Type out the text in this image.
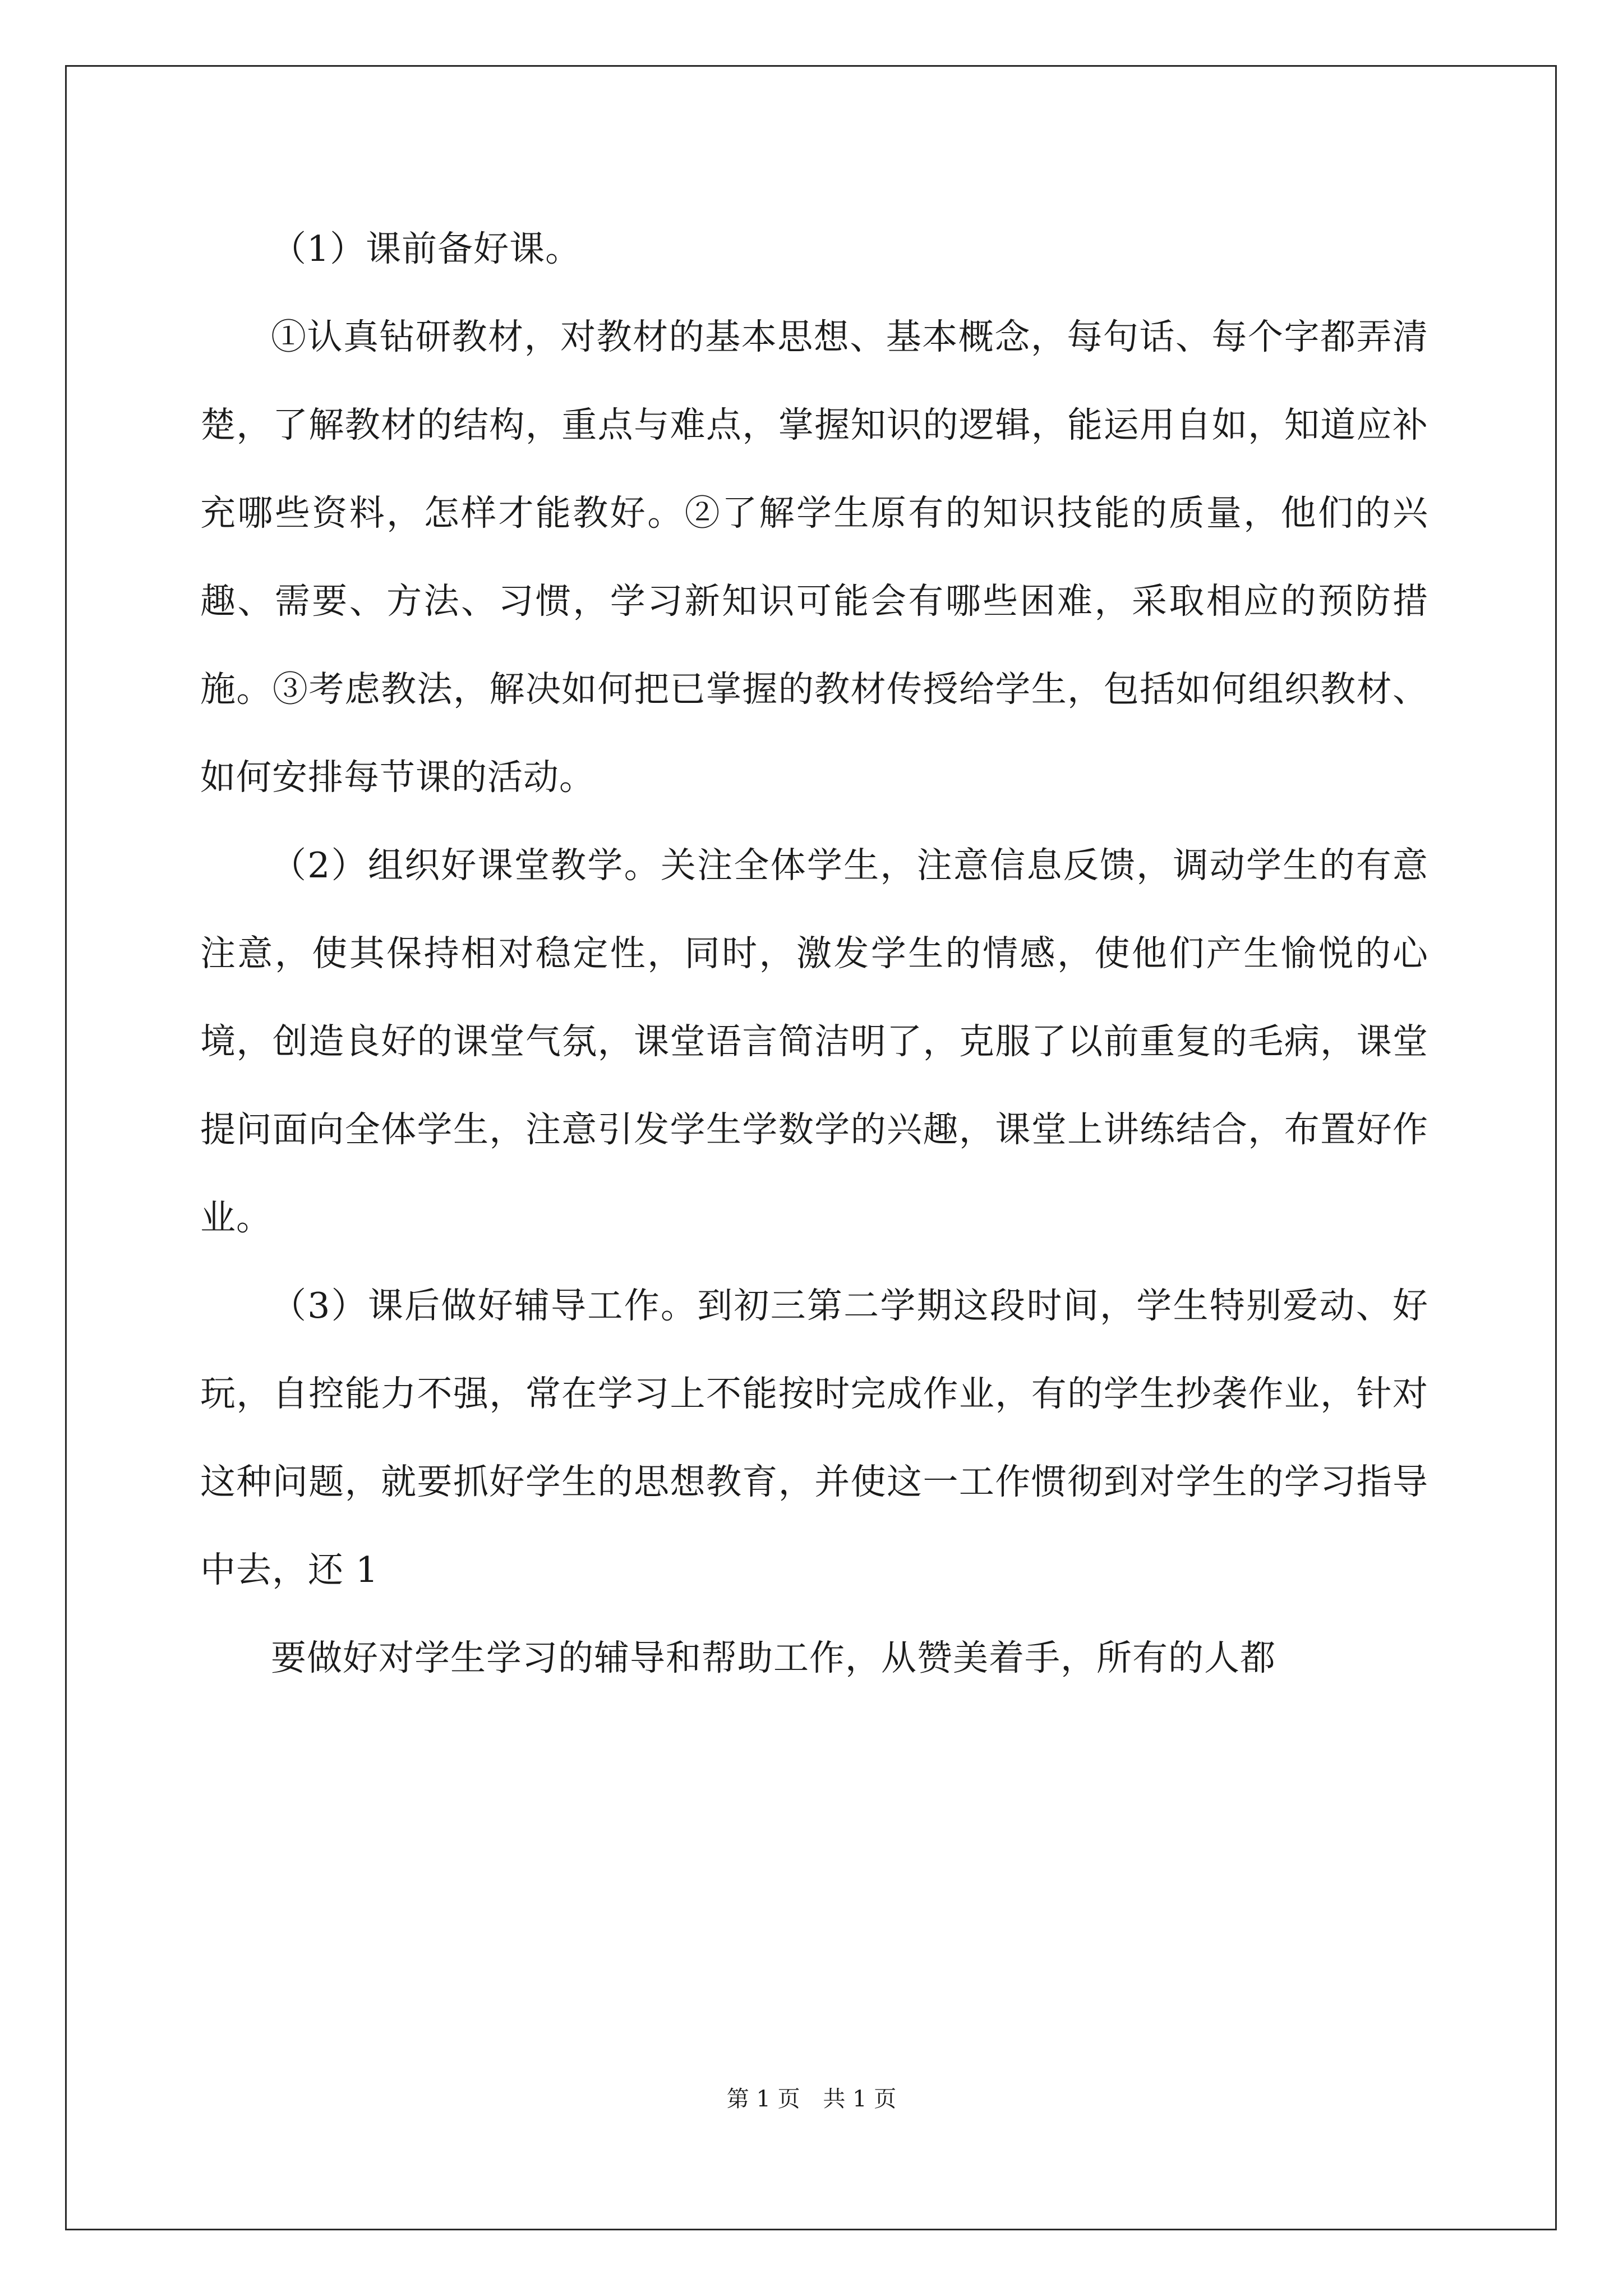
（1）课前备好课。

①认真钻研教材，对教材的基本思想、基本概念，每句话、每个字都弄清楚，了解教材的结构，重点与难点，掌握知识的逻辑，能运用自如，知道应补充哪些资料，怎样才能教好。②了解学生原有的知识技能的质量，他们的兴趣、需要、方法、习惯，学习新知识可能会有哪些困难，采取相应的预防措施。③考虑教法，解决如何把已掌握的教材传授给学生，包括如何组织教材、如何安排每节课的活动。

（2）组织好课堂教学。关注全体学生，注意信息反馈，调动学生的有意注意，使其保持相对稳定性，同时，激发学生的情感，使他们产生愉悦的心境，创造良好的课堂气氛，课堂语言简洁明了，克服了以前重复的毛病，课堂提问面向全体学生，注意引发学生学数学的兴趣，课堂上讲练结合，布置好作业。

（3）课后做好辅导工作。到初三第二学期这段时间，学生特别爱动、好玩，自控能力不强，常在学习上不能按时完成作业，有的学生抄袭作业，针对这种问题，就要抓好学生的思想教育，并使这一工作惯彻到对学生的学习指导中去，还 1

要做好对学生学习的辅导和帮助工作，从赞美着手，所有的人都

第 1 页 共 1 页
